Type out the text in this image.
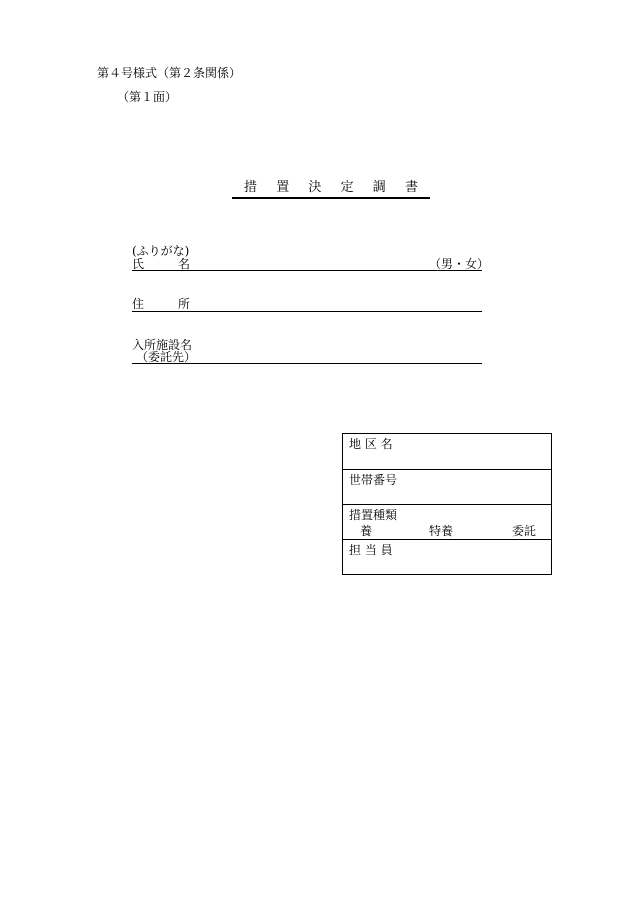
第４号様式（第２条関係）
（第１面）
措 置 決 定 調 書
(ふりがな)
氏	名	（男・女）
住	所
入所施設名
（委託先）
地 区 名
世帯番号
措置種類
養	特養	委託
担 当 員
